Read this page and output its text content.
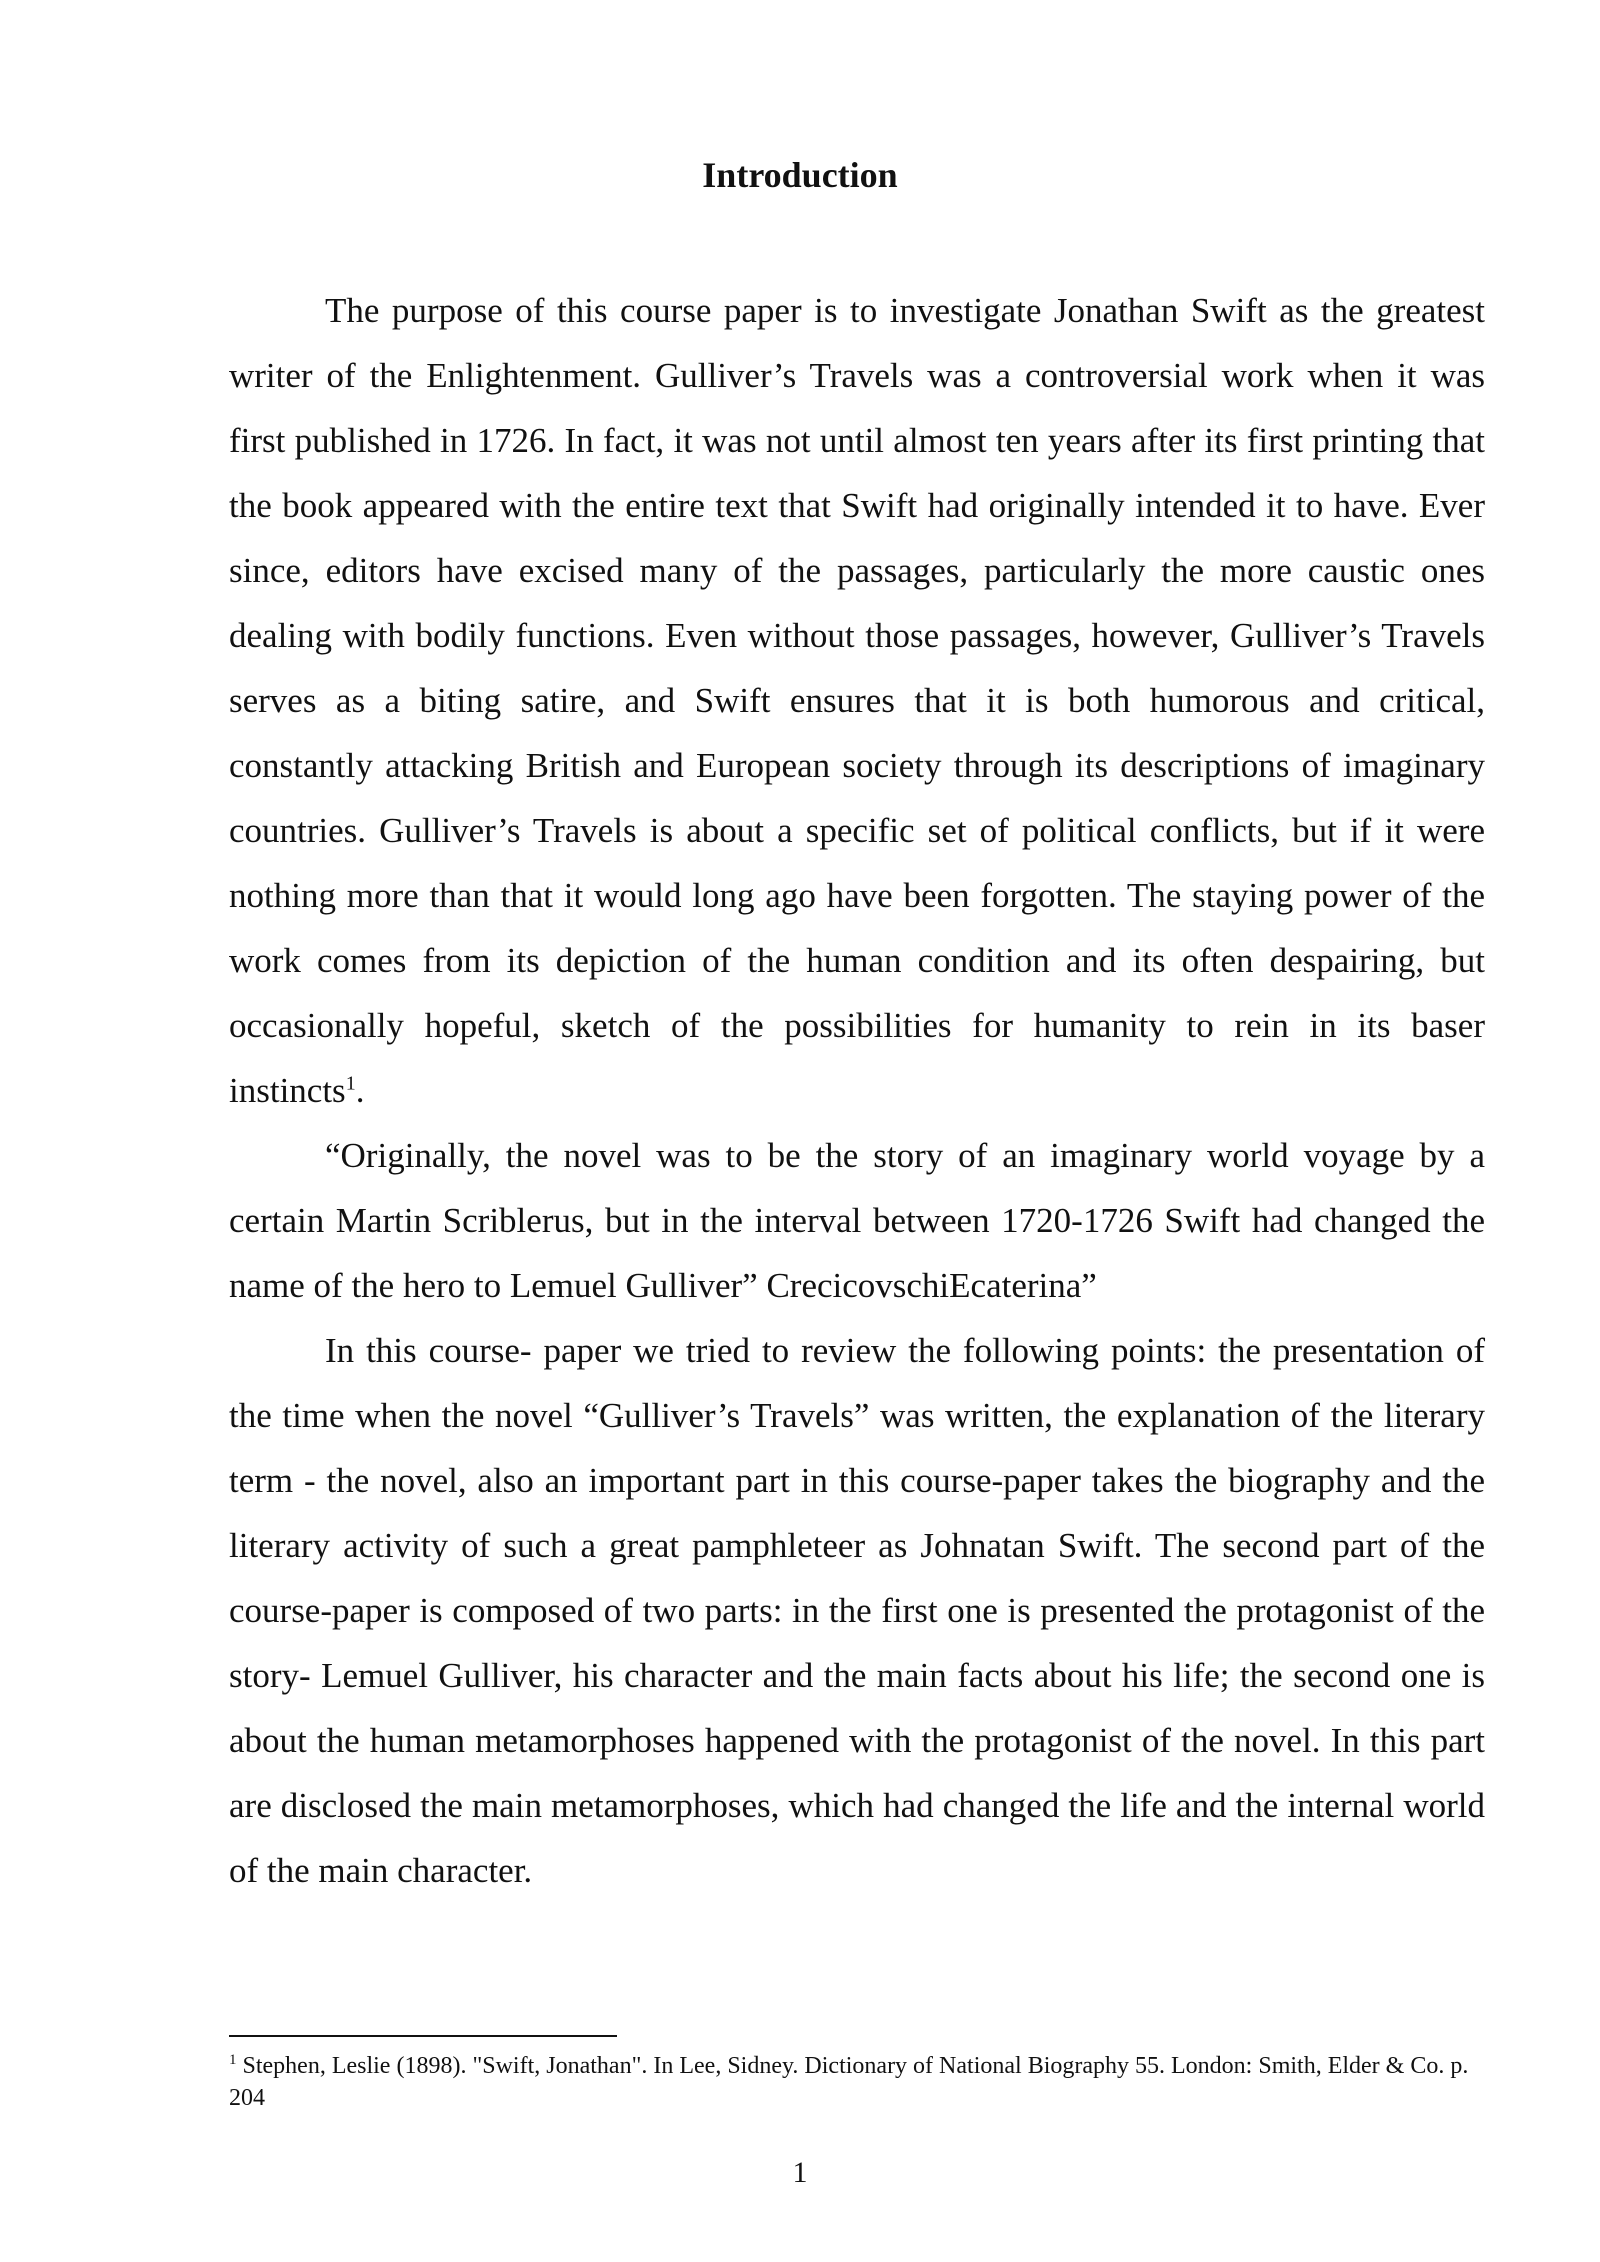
Introduction

The purpose of this course paper is to investigate Jonathan Swift as the greatest writer of the Enlightenment. Gulliver’s Travels was a controversial work when it was first published in 1726. In fact, it was not until almost ten years after its first printing that the book appeared with the entire text that Swift had originally intended it to have. Ever since, editors have excised many of the passages, particularly the more caustic ones dealing with bodily functions. Even without those passages, however, Gulliver’s Travels serves as a biting satire, and Swift ensures that it is both humorous and critical, constantly attacking British and European society through its descriptions of imaginary countries. Gulliver’s Travels is about a specific set of political conflicts, but if it were nothing more than that it would long ago have been forgotten. The staying power of the work comes from its depiction of the human condition and its often despairing, but occasionally hopeful, sketch of the possibilities for humanity to rein in its baser instincts$^1$.

“Originally, the novel was to be the story of an imaginary world voyage by a certain Martin Scriblerus, but in the interval between 1720-1726 Swift had changed the name of the hero to Lemuel Gulliver” CrecicovschiEcaterina”

In this course- paper we tried to review the following points: the presentation of the time when the novel “Gulliver’s Travels” was written, the explanation of the literary term - the novel, also an important part in this course-paper takes the biography and the literary activity of such a great pamphleteer as Johnatan Swift. The second part of the course-paper is composed of two parts: in the first one is presented the protagonist of the story- Lemuel Gulliver, his character and the main facts about his life; the second one is about the human metamorphoses happened with the protagonist of the novel. In this part are disclosed the main metamorphoses, which had changed the life and the internal world of the main character.

$^1$ Stephen, Leslie (1898). "Swift, Jonathan". In Lee, Sidney. Dictionary of National Biography 55. London: Smith, Elder & Co. p. 204

1
